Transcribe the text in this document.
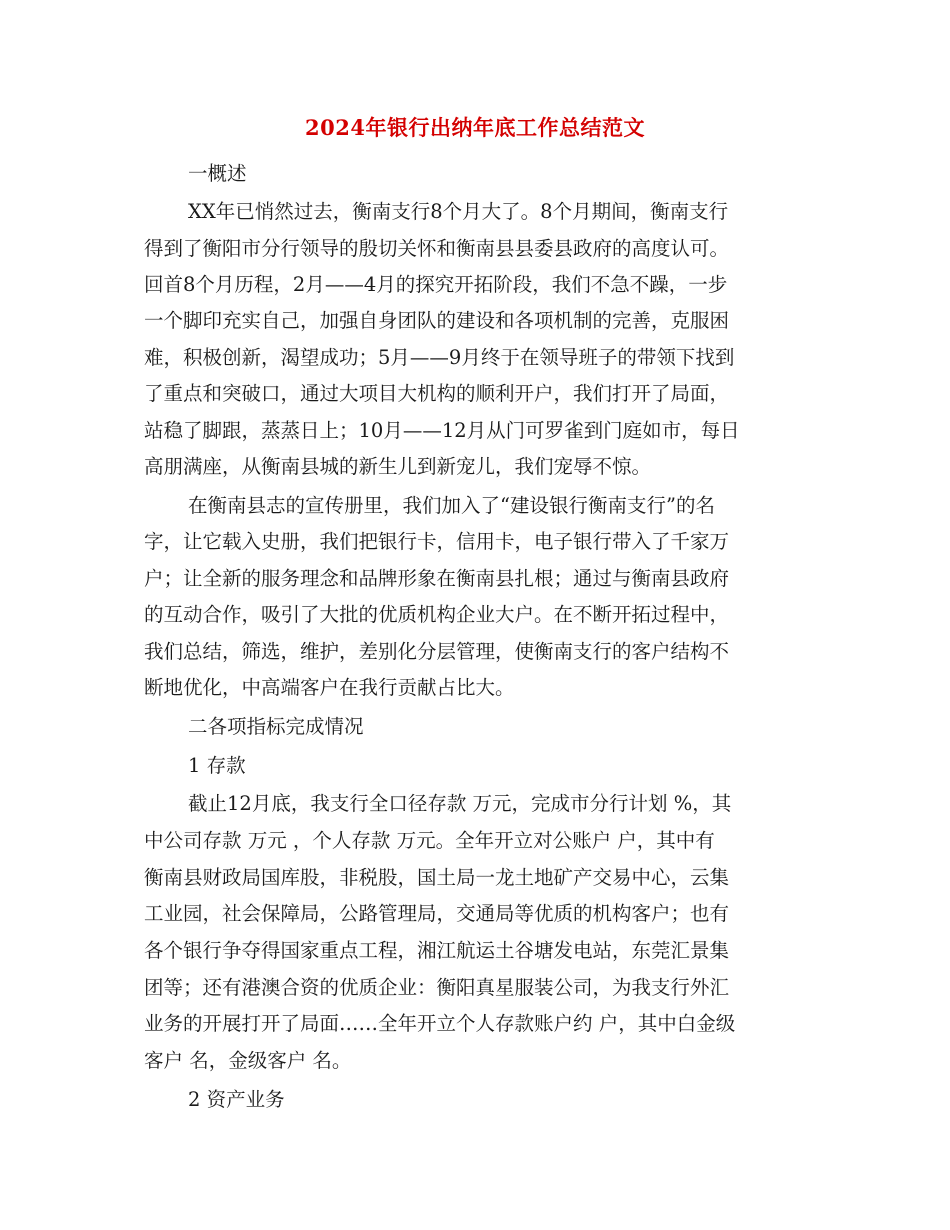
2024年银行出纳年底工作总结范文
一概述
XX年已悄然过去，衡南支行8个月大了。8个月期间，衡南支行
得到了衡阳市分行领导的殷切关怀和衡南县县委县政府的高度认可。
回首8个月历程，2月——4月的探究开拓阶段，我们不急不躁，一步
一个脚印充实自己，加强自身团队的建设和各项机制的完善，克服困
难，积极创新，渴望成功；5月——9月终于在领导班子的带领下找到
了重点和突破口，通过大项目大机构的顺利开户，我们打开了局面，
站稳了脚跟，蒸蒸日上；10月——12月从门可罗雀到门庭如市，每日
高朋满座，从衡南县城的新生儿到新宠儿，我们宠辱不惊。
在衡南县志的宣传册里，我们加入了“建设银行衡南支行”的名
字，让它载入史册，我们把银行卡，信用卡，电子银行带入了千家万
户；让全新的服务理念和品牌形象在衡南县扎根；通过与衡南县政府
的互动合作，吸引了大批的优质机构企业大户。在不断开拓过程中，
我们总结，筛选，维护，差别化分层管理，使衡南支行的客户结构不
断地优化，中高端客户在我行贡献占比大。
二各项指标完成情况
1 存款
截止12月底，我支行全口径存款 万元，完成市分行计划 %，其
中公司存款 万元 ，个人存款 万元。全年开立对公账户 户，其中有
衡南县财政局国库股，非税股，国土局一龙土地矿产交易中心，云集
工业园，社会保障局，公路管理局，交通局等优质的机构客户；也有
各个银行争夺得国家重点工程，湘江航运土谷塘发电站，东莞汇景集
团等；还有港澳合资的优质企业：衡阳真星服装公司，为我支行外汇
业务的开展打开了局面……全年开立个人存款账户约 户，其中白金级
客户 名，金级客户 名。
2 资产业务
